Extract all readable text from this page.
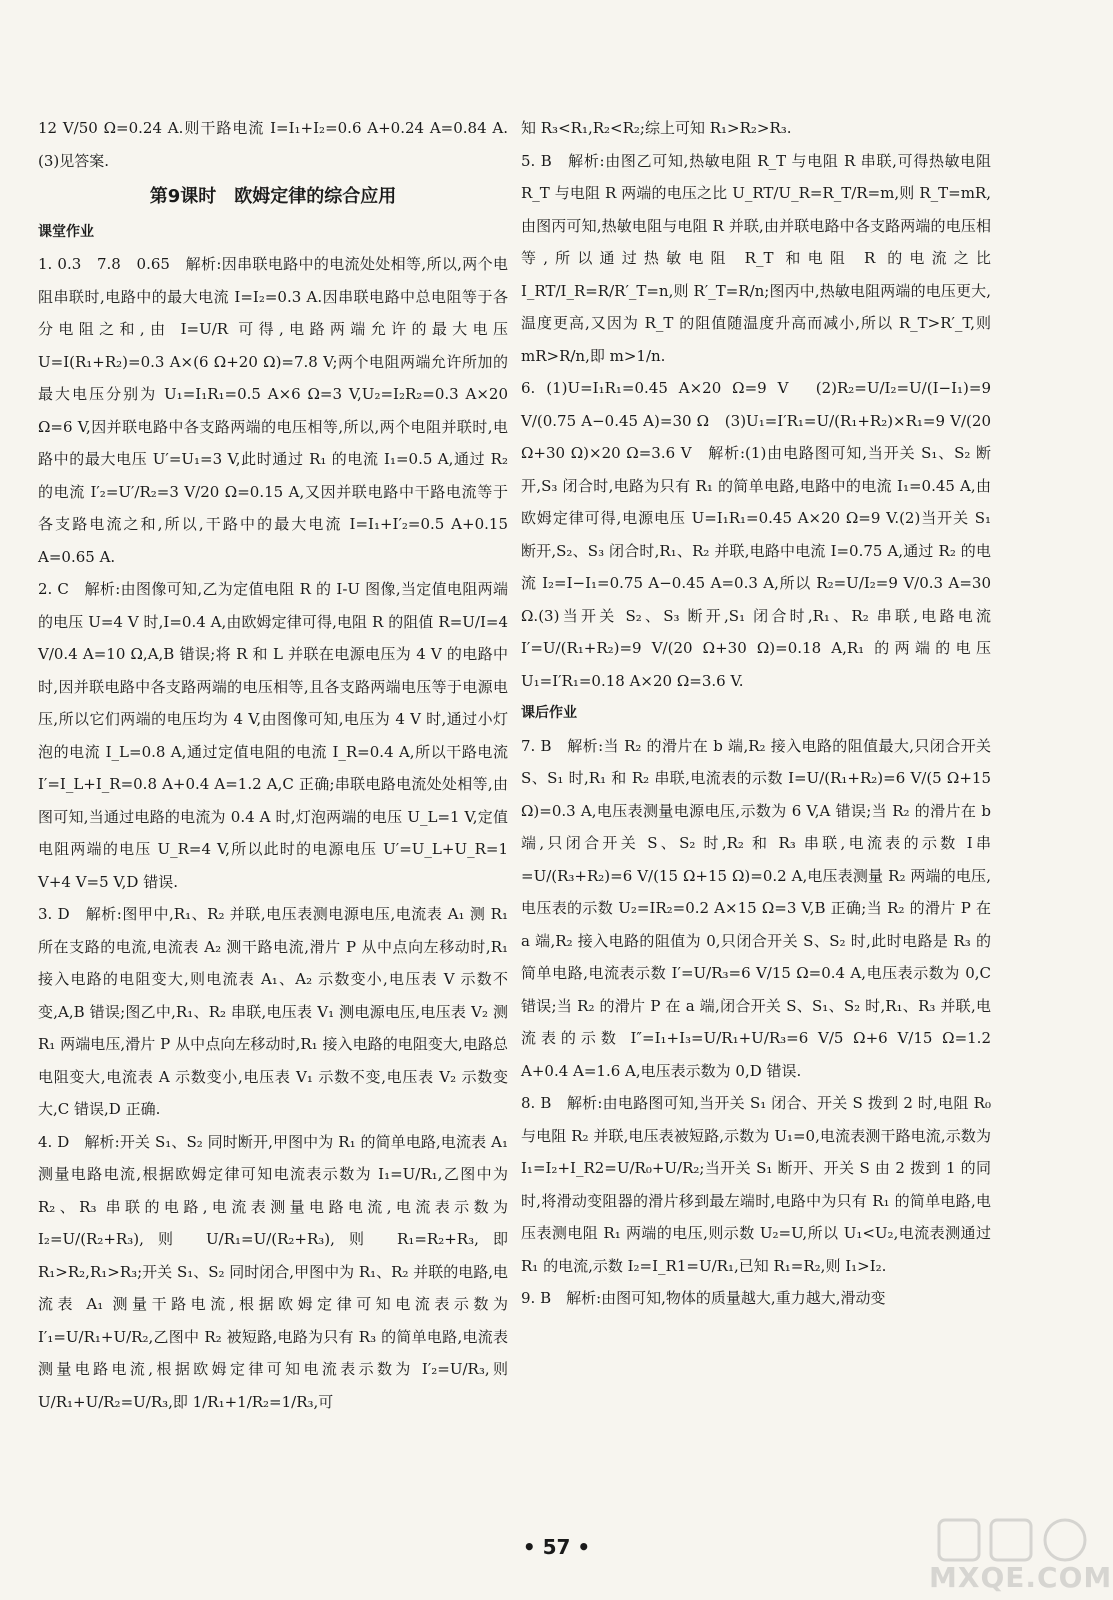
12 V/50 Ω=0.24 A.则干路电流 I=I₁+I₂=0.6 A+0.24 A=0.84 A.(3)见答案.

第9课时　欧姆定律的综合应用
课堂作业

1. 0.3　7.8　0.65　解析:因串联电路中的电流处处相等,所以,两个电阻串联时,电路中的最大电流 I=I₂=0.3 A.因串联电路中总电阻等于各分电阻之和,由 I=U/R 可得,电路两端允许的最大电压 U=I(R₁+R₂)=0.3 A×(6 Ω+20 Ω)=7.8 V;两个电阻两端允许所加的最大电压分别为 U₁=I₁R₁=0.5 A×6 Ω=3 V,U₂=I₂R₂=0.3 A×20 Ω=6 V,因并联电路中各支路两端的电压相等,所以,两个电阻并联时,电路中的最大电压 U′=U₁=3 V,此时通过 R₁ 的电流 I₁=0.5 A,通过 R₂ 的电流 I′₂=U′/R₂=3 V/20 Ω=0.15 A,又因并联电路中干路电流等于各支路电流之和,所以,干路中的最大电流 I=I₁+I′₂=0.5 A+0.15 A=0.65 A.

2. C　解析:由图像可知,乙为定值电阻 R 的 I-U 图像,当定值电阻两端的电压 U=4 V 时,I=0.4 A,由欧姆定律可得,电阻 R 的阻值 R=U/I=4 V/0.4 A=10 Ω,A,B 错误;将 R 和 L 并联在电源电压为 4 V 的电路中时,因并联电路中各支路两端的电压相等,且各支路两端电压等于电源电压,所以它们两端的电压均为 4 V,由图像可知,电压为 4 V 时,通过小灯泡的电流 I_L=0.8 A,通过定值电阻的电流 I_R=0.4 A,所以干路电流 I′=I_L+I_R=0.8 A+0.4 A=1.2 A,C 正确;串联电路电流处处相等,由图可知,当通过电路的电流为 0.4 A 时,灯泡两端的电压 U_L=1 V,定值电阻两端的电压 U_R=4 V,所以此时的电源电压 U′=U_L+U_R=1 V+4 V=5 V,D 错误.

3. D　解析:图甲中,R₁、R₂ 并联,电压表测电源电压,电流表 A₁ 测 R₁ 所在支路的电流,电流表 A₂ 测干路电流,滑片 P 从中点向左移动时,R₁ 接入电路的电阻变大,则电流表 A₁、A₂ 示数变小,电压表 V 示数不变,A,B 错误;图乙中,R₁、R₂ 串联,电压表 V₁ 测电源电压,电压表 V₂ 测 R₁ 两端电压,滑片 P 从中点向左移动时,R₁ 接入电路的电阻变大,电路总电阻变大,电流表 A 示数变小,电压表 V₁ 示数不变,电压表 V₂ 示数变大,C 错误,D 正确.

4. D　解析:开关 S₁、S₂ 同时断开,甲图中为 R₁ 的简单电路,电流表 A₁ 测量电路电流,根据欧姆定律可知电流表示数为 I₁=U/R₁,乙图中为 R₂、R₃ 串联的电路,电流表测量电路电流,电流表示数为 I₂=U/(R₂+R₃),则 U/R₁=U/(R₂+R₃),则 R₁=R₂+R₃,即 R₁>R₂,R₁>R₃;开关 S₁、S₂ 同时闭合,甲图中为 R₁、R₂ 并联的电路,电流表 A₁ 测量干路电流,根据欧姆定律可知电流表示数为 I′₁=U/R₁+U/R₂,乙图中 R₂ 被短路,电路为只有 R₃ 的简单电路,电流表测量电路电流,根据欧姆定律可知电流表示数为 I′₂=U/R₃,则 U/R₁+U/R₂=U/R₃,即 1/R₁+1/R₂=1/R₃,可

知 R₃<R₁,R₂<R₂;综上可知 R₁>R₂>R₃.

5. B　解析:由图乙可知,热敏电阻 R_T 与电阻 R 串联,可得热敏电阻 R_T 与电阻 R 两端的电压之比 U_RT/U_R=R_T/R=m,则 R_T=mR,由图丙可知,热敏电阻与电阻 R 并联,由并联电路中各支路两端的电压相等,所以通过热敏电阻 R_T 和电阻 R 的电流之比 I_RT/I_R=R/R′_T=n,则 R′_T=R/n;图丙中,热敏电阻两端的电压更大,温度更高,又因为 R_T 的阻值随温度升高而减小,所以 R_T>R′_T,则 mR>R/n,即 m>1/n.

6. (1)U=I₁R₁=0.45 A×20 Ω=9 V　(2)R₂=U/I₂=U/(I−I₁)=9 V/(0.75 A−0.45 A)=30 Ω　(3)U₁=I′R₁=U/(R₁+R₂)×R₁=9 V/(20 Ω+30 Ω)×20 Ω=3.6 V　解析:(1)由电路图可知,当开关 S₁、S₂ 断开,S₃ 闭合时,电路为只有 R₁ 的简单电路,电路中的电流 I₁=0.45 A,由欧姆定律可得,电源电压 U=I₁R₁=0.45 A×20 Ω=9 V.(2)当开关 S₁ 断开,S₂、S₃ 闭合时,R₁、R₂ 并联,电路中电流 I=0.75 A,通过 R₂ 的电流 I₂=I−I₁=0.75 A−0.45 A=0.3 A,所以 R₂=U/I₂=9 V/0.3 A=30 Ω.(3)当开关 S₂、S₃ 断开,S₁ 闭合时,R₁、R₂ 串联,电路电流 I′=U/(R₁+R₂)=9 V/(20 Ω+30 Ω)=0.18 A,R₁ 的两端的电压 U₁=I′R₁=0.18 A×20 Ω=3.6 V.

课后作业

7. B　解析:当 R₂ 的滑片在 b 端,R₂ 接入电路的阻值最大,只闭合开关 S、S₁ 时,R₁ 和 R₂ 串联,电流表的示数 I=U/(R₁+R₂)=6 V/(5 Ω+15 Ω)=0.3 A,电压表测量电源电压,示数为 6 V,A 错误;当 R₂ 的滑片在 b 端,只闭合开关 S、S₂ 时,R₂ 和 R₃ 串联,电流表的示数 I串=U/(R₃+R₂)=6 V/(15 Ω+15 Ω)=0.2 A,电压表测量 R₂ 两端的电压,电压表的示数 U₂=IR₂=0.2 A×15 Ω=3 V,B 正确;当 R₂ 的滑片 P 在 a 端,R₂ 接入电路的阻值为 0,只闭合开关 S、S₂ 时,此时电路是 R₃ 的简单电路,电流表示数 I′=U/R₃=6 V/15 Ω=0.4 A,电压表示数为 0,C 错误;当 R₂ 的滑片 P 在 a 端,闭合开关 S、S₁、S₂ 时,R₁、R₃ 并联,电流表的示数 I″=I₁+I₃=U/R₁+U/R₃=6 V/5 Ω+6 V/15 Ω=1.2 A+0.4 A=1.6 A,电压表示数为 0,D 错误.

8. B　解析:由电路图可知,当开关 S₁ 闭合、开关 S 拨到 2 时,电阻 R₀ 与电阻 R₂ 并联,电压表被短路,示数为 U₁=0,电流表测干路电流,示数为 I₁=I₂+I_R2=U/R₀+U/R₂;当开关 S₁ 断开、开关 S 由 2 拨到 1 的同时,将滑动变阻器的滑片移到最左端时,电路中为只有 R₁ 的简单电路,电压表测电阻 R₁ 两端的电压,则示数 U₂=U,所以 U₁<U₂,电流表测通过 R₁ 的电流,示数 I₂=I_R1=U/R₁,已知 R₁=R₂,则 I₁>I₂.

9. B　解析:由图可知,物体的质量越大,重力越大,滑动变

• 57 •
MXQE.COM
